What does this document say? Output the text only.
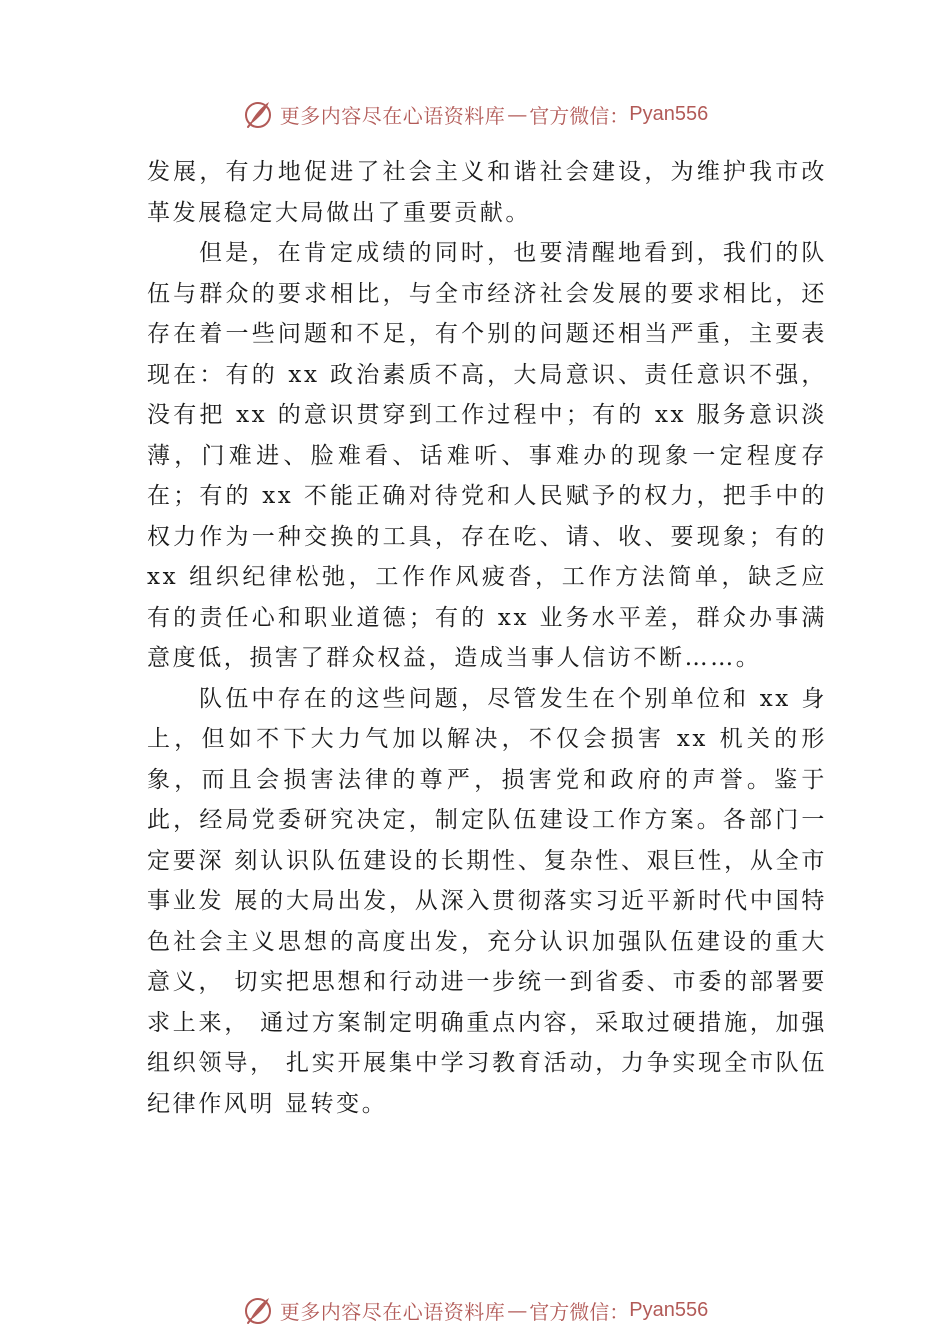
更多内容尽在心语资料库 — 官方微信： Pyan556

发展，有力地促进了社会主义和谐社会建设，为维护我市改革发展稳定大局做出了重要贡献。

但是，在肯定成绩的同时，也要清醒地看到，我们的队伍与群众的要求相比，与全市经济社会发展的要求相比，还存在着一些问题和不足，有个别的问题还相当严重，主要表现在：有的 xx 政治素质不高，大局意识、责任意识不强，没有把 xx 的意识贯穿到工作过程中；有的 xx 服务意识淡薄，门难进、脸难看、话难听、事难办的现象一定程度存在；有的 xx 不能正确对待党和人民赋予的权力，把手中的权力作为一种交换的工具，存在吃、请、收、要现象；有的 xx 组织纪律松弛，工作作风疲沓，工作方法简单，缺乏应有的责任心和职业道德；有的 xx 业务水平差，群众办事满意度低，损害了群众权益，造成当事人信访不断……。

队伍中存在的这些问题，尽管发生在个别单位和 xx 身上，但如不下大力气加以解决，不仅会损害 xx 机关的形象，而且会损害法律的尊严，损害党和政府的声誉。鉴于此，经局党委研究决定，制定队伍建设工作方案。各部门一定要深 刻认识队伍建设的长期性、复杂性、艰巨性，从全市事业发 展的大局出发，从深入贯彻落实习近平新时代中国特色社会主义思想的高度出发，充分认识加强队伍建设的重大意义， 切实把思想和行动进一步统一到省委、市委的部署要求上来， 通过方案制定明确重点内容，采取过硬措施，加强组织领导， 扎实开展集中学习教育活动，力争实现全市队伍纪律作风明 显转变。

更多内容尽在心语资料库 — 官方微信： Pyan556
